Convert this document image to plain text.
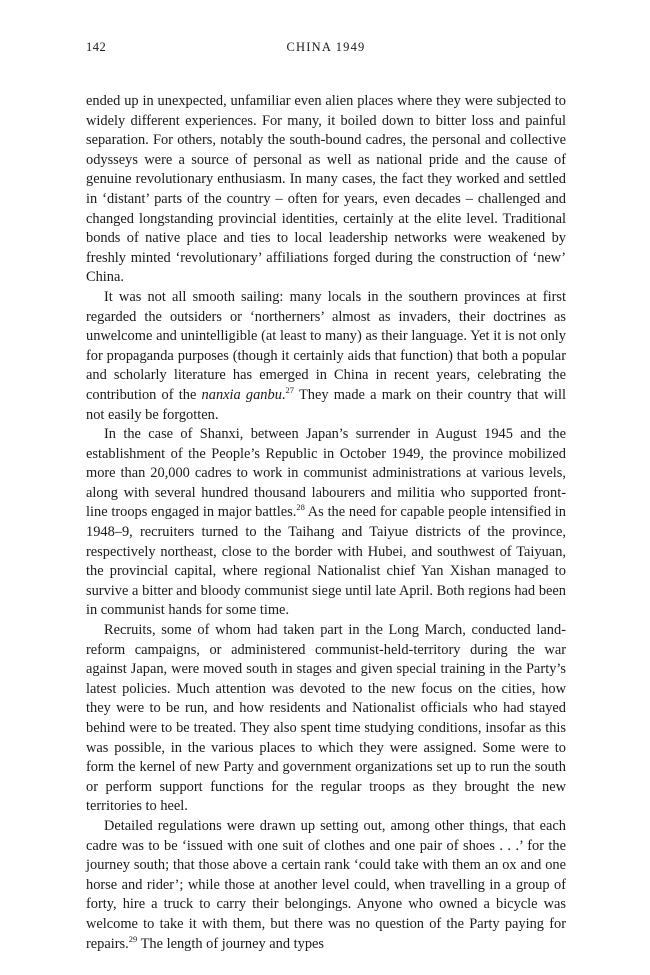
142	CHINA 1949

ended up in unexpected, unfamiliar even alien places where they were subjected to widely different experiences. For many, it boiled down to bitter loss and painful separation. For others, notably the south-bound cadres, the personal and collective odysseys were a source of personal as well as national pride and the cause of genuine revolutionary enthusiasm. In many cases, the fact they worked and settled in ‘distant’ parts of the country – often for years, even decades – challenged and changed longstanding provincial identities, certainly at the elite level. Traditional bonds of native place and ties to local leadership networks were weakened by freshly minted ‘revolutionary’ affiliations forged during the construction of ‘new’ China.

It was not all smooth sailing: many locals in the southern provinces at first regarded the outsiders or ‘northerners’ almost as invaders, their doctrines as unwelcome and unintelligible (at least to many) as their language. Yet it is not only for propaganda purposes (though it certainly aids that function) that both a popular and scholarly literature has emerged in China in recent years, celebrating the contribution of the nanxia ganbu.$^{27}$ They made a mark on their country that will not easily be forgotten.

In the case of Shanxi, between Japan’s surrender in August 1945 and the establishment of the People’s Republic in October 1949, the province mobilized more than 20,000 cadres to work in communist administrations at various levels, along with several hundred thousand labourers and militia who supported front-line troops engaged in major battles.$^{28}$ As the need for capable people intensified in 1948–9, recruiters turned to the Taihang and Taiyue districts of the province, respectively northeast, close to the border with Hubei, and southwest of Taiyuan, the provincial capital, where regional Nationalist chief Yan Xishan managed to survive a bitter and bloody communist siege until late April. Both regions had been in communist hands for some time.

Recruits, some of whom had taken part in the Long March, conducted land-reform campaigns, or administered communist-held-territory during the war against Japan, were moved south in stages and given special training in the Party’s latest policies. Much attention was devoted to the new focus on the cities, how they were to be run, and how residents and Nationalist officials who had stayed behind were to be treated. They also spent time studying conditions, insofar as this was possible, in the various places to which they were assigned. Some were to form the kernel of new Party and government organizations set up to run the south or perform support functions for the regular troops as they brought the new territories to heel.

Detailed regulations were drawn up setting out, among other things, that each cadre was to be ‘issued with one suit of clothes and one pair of shoes . . .’ for the journey south; that those above a certain rank ‘could take with them an ox and one horse and rider’; while those at another level could, when travelling in a group of forty, hire a truck to carry their belongings. Anyone who owned a bicycle was welcome to take it with them, but there was no question of the Party paying for repairs.$^{29}$ The length of journey and types
